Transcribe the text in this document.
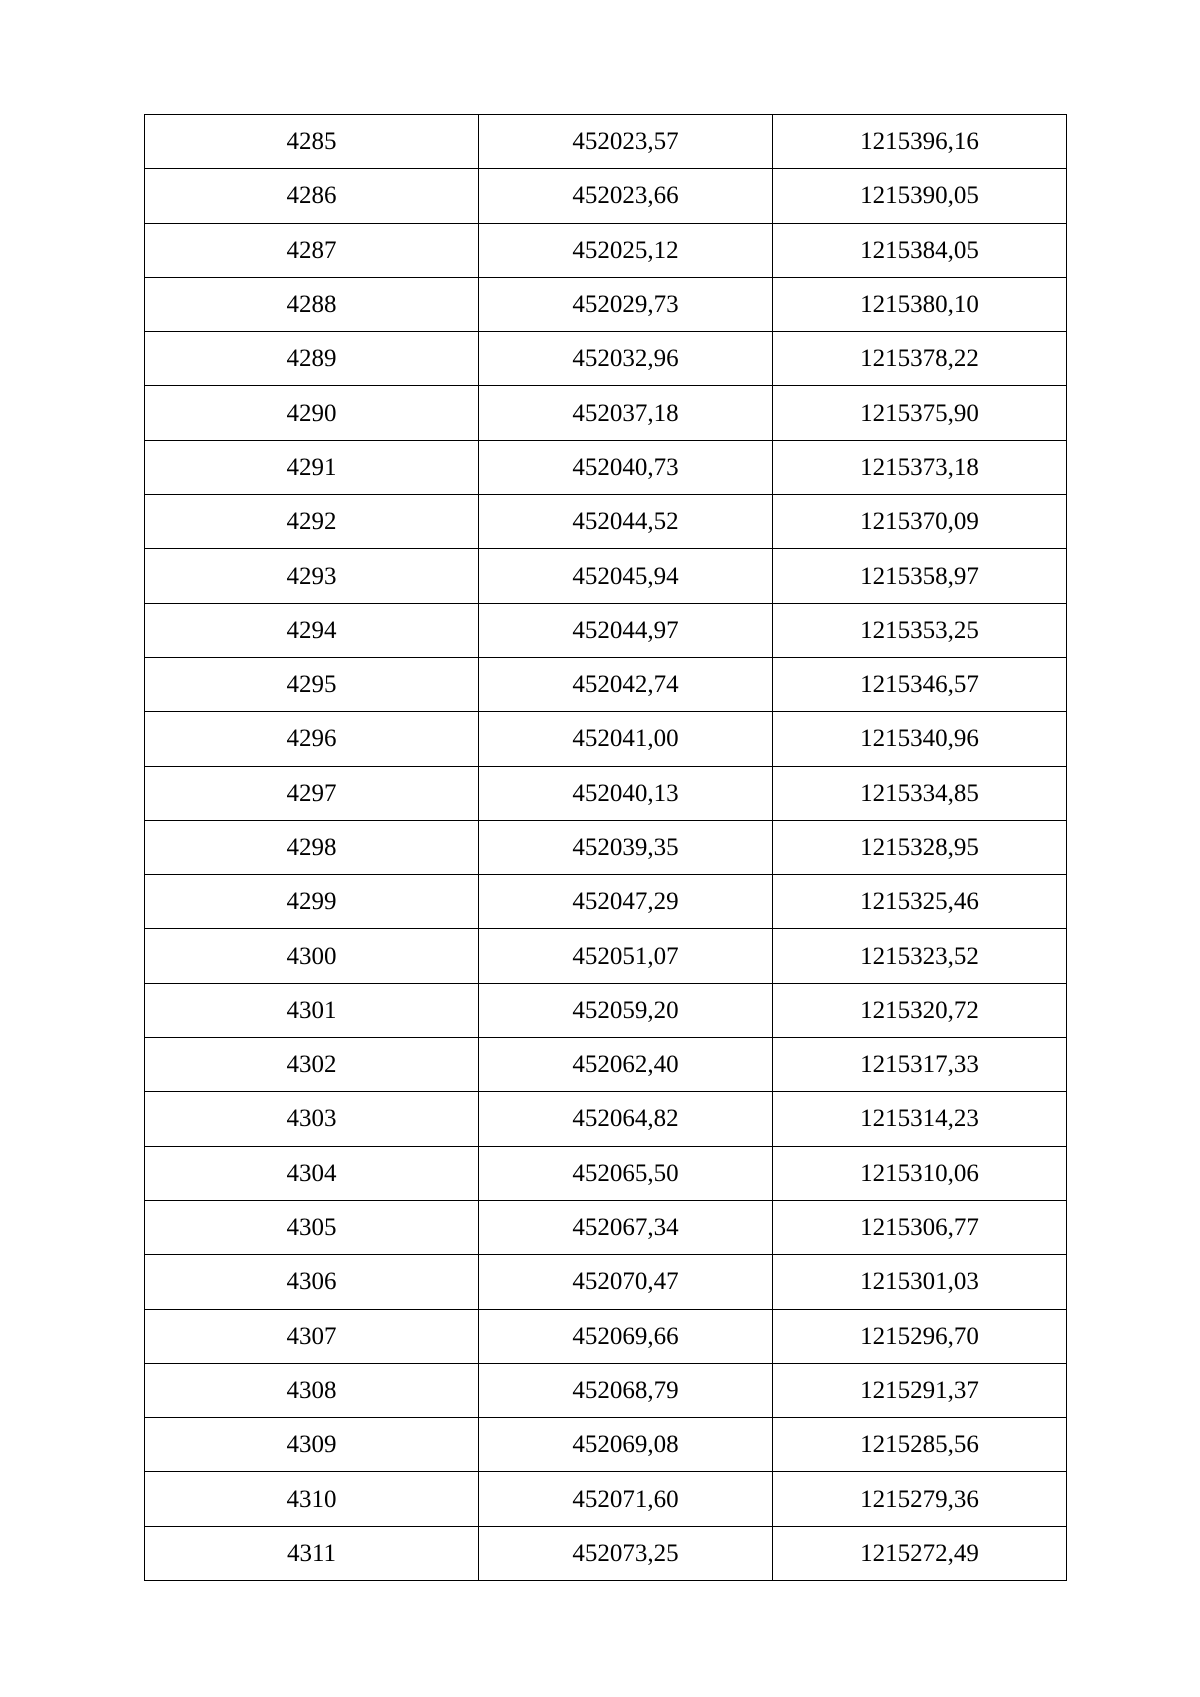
4285	452023,57	1215396,16
4286	452023,66	1215390,05
4287	452025,12	1215384,05
4288	452029,73	1215380,10
4289	452032,96	1215378,22
4290	452037,18	1215375,90
4291	452040,73	1215373,18
4292	452044,52	1215370,09
4293	452045,94	1215358,97
4294	452044,97	1215353,25
4295	452042,74	1215346,57
4296	452041,00	1215340,96
4297	452040,13	1215334,85
4298	452039,35	1215328,95
4299	452047,29	1215325,46
4300	452051,07	1215323,52
4301	452059,20	1215320,72
4302	452062,40	1215317,33
4303	452064,82	1215314,23
4304	452065,50	1215310,06
4305	452067,34	1215306,77
4306	452070,47	1215301,03
4307	452069,66	1215296,70
4308	452068,79	1215291,37
4309	452069,08	1215285,56
4310	452071,60	1215279,36
4311	452073,25	1215272,49
